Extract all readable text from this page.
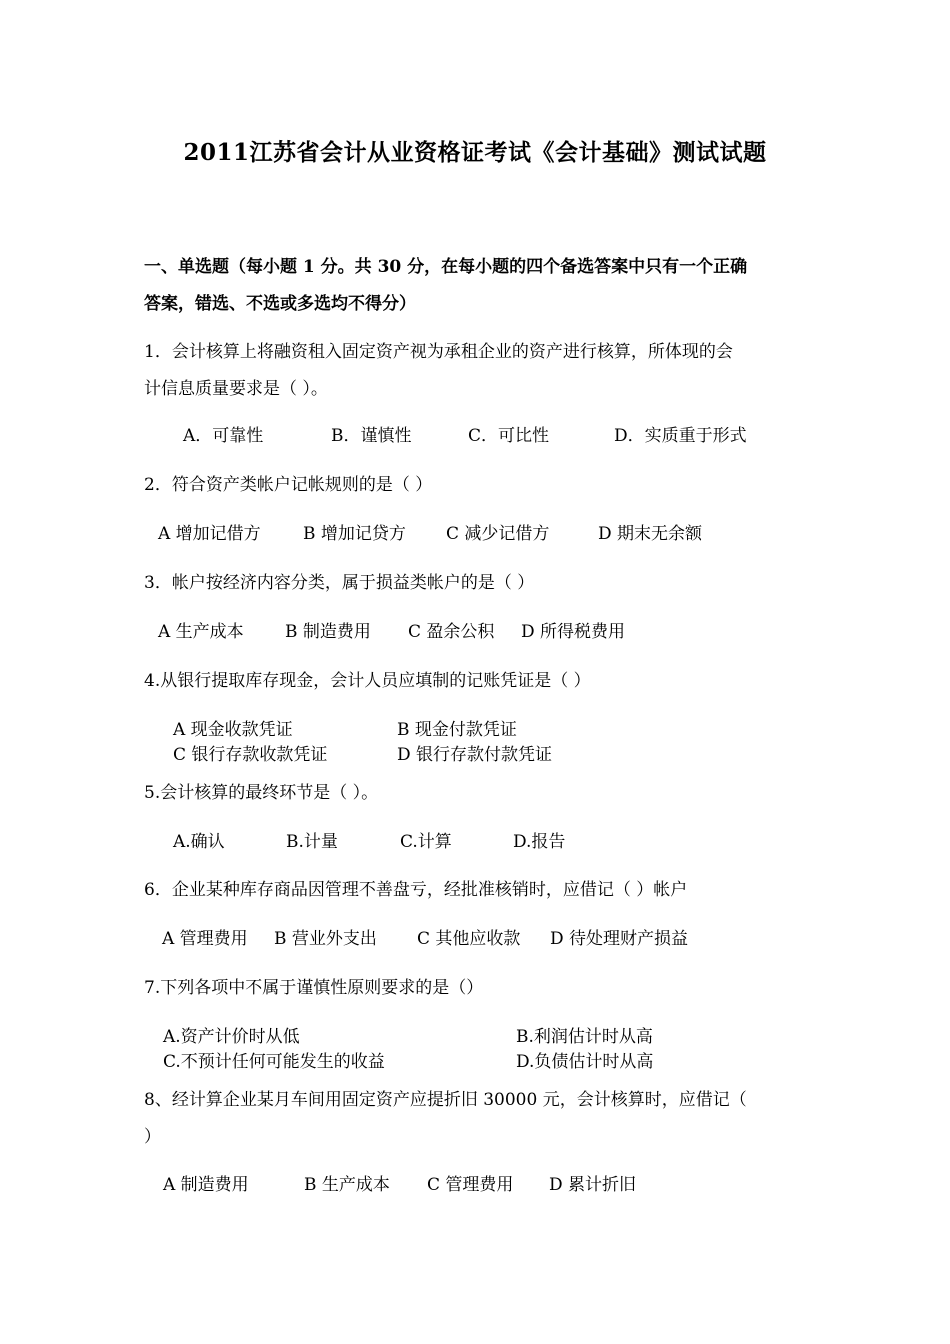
2011江苏省会计从业资格证考试《会计基础》测试试题
一、单选题（每小题 1 分。共 30 分，在每小题的四个备选答案中只有一个正确
答案，错选、不选或多选均不得分）
1．会计核算上将融资租入固定资产视为承租企业的资产进行核算，所体现的会
计信息质量要求是（ ）。
A．可靠性	B．谨慎性	C．可比性	D．实质重于形式
2．符合资产类帐户记帐规则的是（ ）
A 增加记借方 B 增加记贷方 C 减少记借方	D 期末无余额
3．帐户按经济内容分类，属于损益类帐户的是（ ）
A 生产成本 B 制造费用 C 盈余公积 D 所得税费用
4.从银行提取库存现金，会计人员应填制的记账凭证是（ ）
A 现金收款凭证	B 现金付款凭证
C 银行存款收款凭证	D 银行存款付款凭证
5.会计核算的最终环节是（ ）。
A.确认	B.计量	C.计算	D.报告
6．企业某种库存商品因管理不善盘亏，经批准核销时，应借记（ ）帐户
A 管理费用 B 营业外支出 C 其他应收款 D 待处理财产损益
7.下列各项中不属于谨慎性原则要求的是（）
A.资产计价时从低	B.利润估计时从高
C.不预计任何可能发生的收益	D.负债估计时从高
8、经计算企业某月车间用固定资产应提折旧 30000 元，会计核算时，应借记（
）
A 制造费用	B 生产成本 C 管理费用 D 累计折旧
